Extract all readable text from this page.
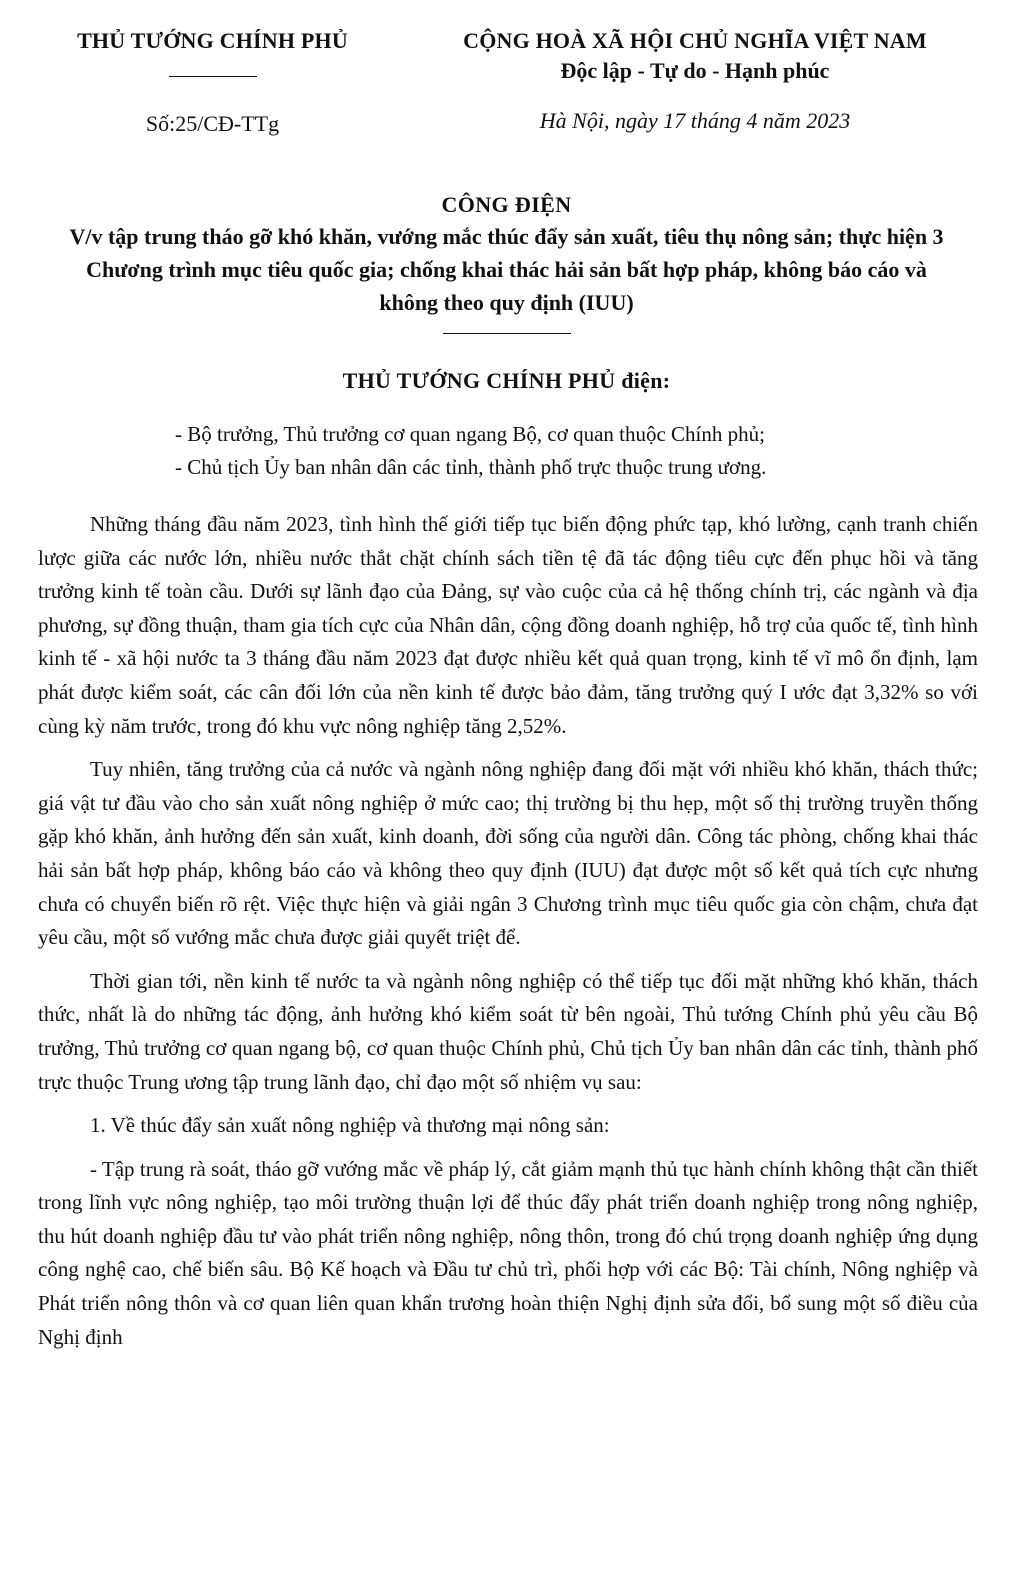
THỦ TƯỚNG CHÍNH PHỦ
Số:25/CĐ-TTg
CỘNG HOÀ XÃ HỘI CHỦ NGHĨA VIỆT NAM
Độc lập - Tự do - Hạnh phúc
Hà Nội, ngày 17 tháng 4 năm 2023
CÔNG ĐIỆN
V/v tập trung tháo gỡ khó khăn, vướng mắc thúc đẩy sản xuất, tiêu thụ nông sản; thực hiện 3 Chương trình mục tiêu quốc gia; chống khai thác hải sản bất hợp pháp, không báo cáo và không theo quy định (IUU)
THỦ TƯỚNG CHÍNH PHỦ điện:
- Bộ trưởng, Thủ trưởng cơ quan ngang Bộ, cơ quan thuộc Chính phủ;
- Chủ tịch Ủy ban nhân dân các tỉnh, thành phố trực thuộc trung ương.

Những tháng đầu năm 2023, tình hình thế giới tiếp tục biến động phức tạp, khó lường, cạnh tranh chiến lược giữa các nước lớn, nhiều nước thắt chặt chính sách tiền tệ đã tác động tiêu cực đến phục hồi và tăng trưởng kinh tế toàn cầu. Dưới sự lãnh đạo của Đảng, sự vào cuộc của cả hệ thống chính trị, các ngành và địa phương, sự đồng thuận, tham gia tích cực của Nhân dân, cộng đồng doanh nghiệp, hỗ trợ của quốc tế, tình hình kinh tế - xã hội nước ta 3 tháng đầu năm 2023 đạt được nhiều kết quả quan trọng, kinh tế vĩ mô ổn định, lạm phát được kiểm soát, các cân đối lớn của nền kinh tế được bảo đảm, tăng trưởng quý I ước đạt 3,32% so với cùng kỳ năm trước, trong đó khu vực nông nghiệp tăng 2,52%.

Tuy nhiên, tăng trưởng của cả nước và ngành nông nghiệp đang đối mặt với nhiều khó khăn, thách thức; giá vật tư đầu vào cho sản xuất nông nghiệp ở mức cao; thị trường bị thu hẹp, một số thị trường truyền thống gặp khó khăn, ảnh hưởng đến sản xuất, kinh doanh, đời sống của người dân. Công tác phòng, chống khai thác hải sản bất hợp pháp, không báo cáo và không theo quy định (IUU) đạt được một số kết quả tích cực nhưng chưa có chuyển biến rõ rệt. Việc thực hiện và giải ngân 3 Chương trình mục tiêu quốc gia còn chậm, chưa đạt yêu cầu, một số vướng mắc chưa được giải quyết triệt để.

Thời gian tới, nền kinh tế nước ta và ngành nông nghiệp có thể tiếp tục đối mặt những khó khăn, thách thức, nhất là do những tác động, ảnh hưởng khó kiểm soát từ bên ngoài, Thủ tướng Chính phủ yêu cầu Bộ trưởng, Thủ trưởng cơ quan ngang bộ, cơ quan thuộc Chính phủ, Chủ tịch Ủy ban nhân dân các tỉnh, thành phố trực thuộc Trung ương tập trung lãnh đạo, chỉ đạo một số nhiệm vụ sau:

1. Về thúc đẩy sản xuất nông nghiệp và thương mại nông sản:

- Tập trung rà soát, tháo gỡ vướng mắc về pháp lý, cắt giảm mạnh thủ tục hành chính không thật cần thiết trong lĩnh vực nông nghiệp, tạo môi trường thuận lợi để thúc đẩy phát triển doanh nghiệp trong nông nghiệp, thu hút doanh nghiệp đầu tư vào phát triển nông nghiệp, nông thôn, trong đó chú trọng doanh nghiệp ứng dụng công nghệ cao, chế biến sâu. Bộ Kế hoạch và Đầu tư chủ trì, phối hợp với các Bộ: Tài chính, Nông nghiệp và Phát triển nông thôn và cơ quan liên quan khẩn trương hoàn thiện Nghị định sửa đổi, bổ sung một số điều của Nghị định
